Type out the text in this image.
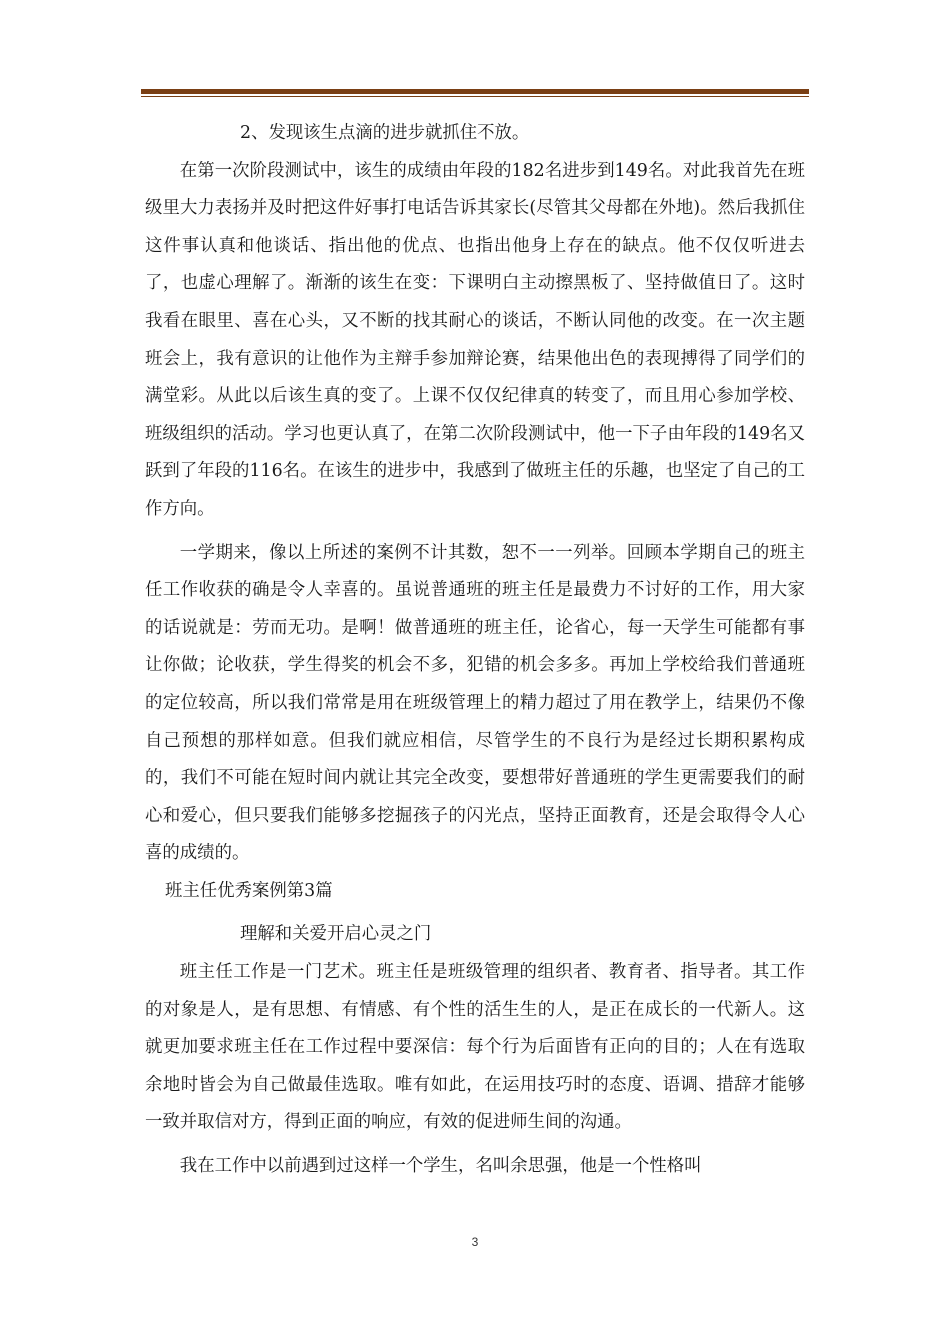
2、发现该生点滴的进步就抓住不放。

在第一次阶段测试中，该生的成绩由年段的182名进步到149名。对此我首先在班级里大力表扬并及时把这件好事打电话告诉其家长(尽管其父母都在外地)。然后我抓住这件事认真和他谈话、指出他的优点、也指出他身上存在的缺点。他不仅仅听进去了，也虚心理解了。渐渐的该生在变：下课明白主动擦黑板了、坚持做值日了。这时我看在眼里、喜在心头，又不断的找其耐心的谈话，不断认同他的改变。在一次主题班会上，我有意识的让他作为主辩手参加辩论赛，结果他出色的表现搏得了同学们的满堂彩。从此以后该生真的变了。上课不仅仅纪律真的转变了，而且用心参加学校、班级组织的活动。学习也更认真了，在第二次阶段测试中，他一下子由年段的149名又跃到了年段的116名。在该生的进步中，我感到了做班主任的乐趣，也坚定了自己的工作方向。

一学期来，像以上所述的案例不计其数，恕不一一列举。回顾本学期自己的班主任工作收获的确是令人幸喜的。虽说普通班的班主任是最费力不讨好的工作，用大家的话说就是：劳而无功。是啊！做普通班的班主任，论省心，每一天学生可能都有事让你做；论收获，学生得奖的机会不多，犯错的机会多多。再加上学校给我们普通班的定位较高，所以我们常常是用在班级管理上的精力超过了用在教学上，结果仍不像自己预想的那样如意。但我们就应相信，尽管学生的不良行为是经过长期积累构成的，我们不可能在短时间内就让其完全改变，要想带好普通班的学生更需要我们的耐心和爱心，但只要我们能够多挖掘孩子的闪光点，坚持正面教育，还是会取得令人心喜的成绩的。

班主任优秀案例第3篇

理解和关爱开启心灵之门

班主任工作是一门艺术。班主任是班级管理的组织者、教育者、指导者。其工作的对象是人，是有思想、有情感、有个性的活生生的人，是正在成长的一代新人。这就更加要求班主任在工作过程中要深信：每个行为后面皆有正向的目的；人在有选取余地时皆会为自己做最佳选取。唯有如此，在运用技巧时的态度、语调、措辞才能够一致并取信对方，得到正面的响应，有效的促进师生间的沟通。

我在工作中以前遇到过这样一个学生，名叫余思强，他是一个性格叫

3
